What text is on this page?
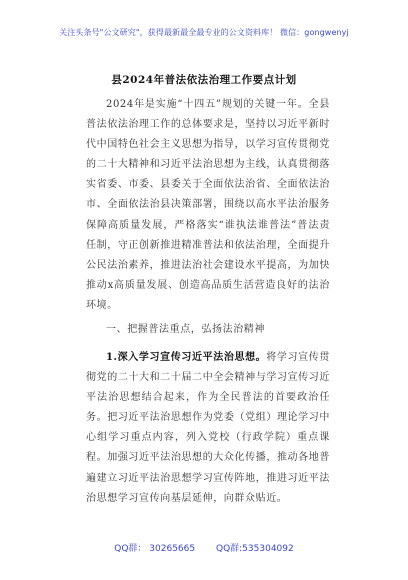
关注头条号"公文研究"，获得最新最全最专业的公文资料库！ 微信：gongwenyj
县2024年普法依法治理工作要点计划

2024年是实施“十四五”规划的关键一年。全县普法依法治理工作的总体要求是，坚持以习近平新时代中国特色社会主义思想为指导，以学习宣传贯彻党的二十大精神和习近平法治思想为主线，认真贯彻落实省委、市委、县委关于全面依法治省、全面依法治市、全面依法治县决策部署，围绕以高水平法治服务保障高质量发展，严格落实“谁执法谁普法”普法责任制，守正创新推进精准普法和依法治理，全面提升公民法治素养，推进法治社会建设水平提高，为加快推动x高质量发展、创造高品质生活营造良好的法治环境。

一、把握普法重点，弘扬法治精神

1.深入学习宣传习近平法治思想。将学习宣传贯彻党的二十大和二十届二中全会精神与学习宣传习近平法治思想结合起来，作为全民普法的首要政治任务。把习近平法治思想作为党委（党组）理论学习中心组学习重点内容，列入党校（行政学院）重点课程。加强习近平法治思想的大众化传播，推动各地普遍建立习近平法治思想学习宣传阵地，推进习近平法治思想学习宣传向基层延伸，向群众贴近。

QQ群： 30265665 QQ群:535304092
